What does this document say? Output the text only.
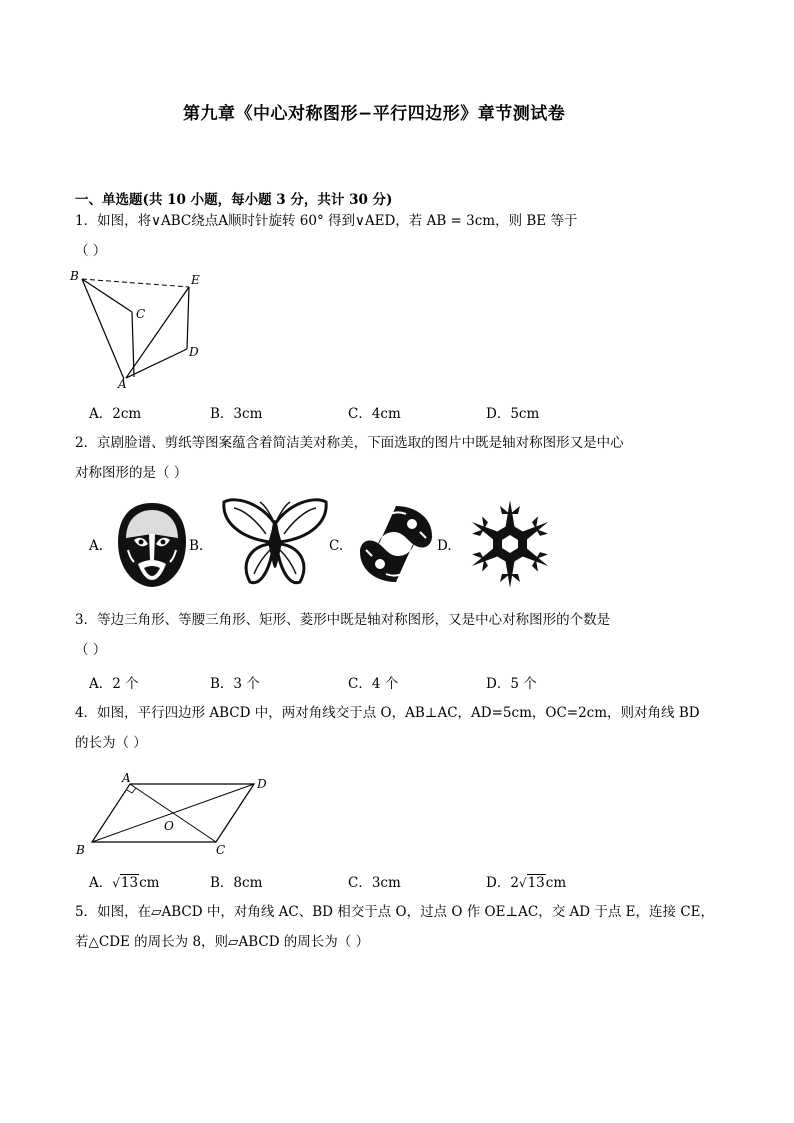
第九章《中心对称图形−平行四边形》章节测试卷
一、单选题(共 10 小题，每小题 3 分，共计 30 分)
1．如图，将∨ABC绕点A顺时针旋转 60° 得到∨AED，若 AB = 3cm，则 BE 等于
（ ）
B	E
C
D
A
A．2cm	B．3cm	C．4cm	D．5cm
2．京剧脸谱、剪纸等图案蕴含着简洁美对称美，下面选取的图片中既是轴对称图形又是中心
对称图形的是（ ）
A.	B.	C.	D.
3．等边三角形、等腰三角形、矩形、菱形中既是轴对称图形，又是中心对称图形的个数是
（ ）
A．2 个	B．3 个	C．4 个	D．5 个
4．如图，平行四边形 ABCD 中，两对角线交于点 O，AB⊥AC，AD=5cm，OC=2cm，则对角线 BD
的长为（ ）
A	D
O
B	C
A．√13cm	B．8cm	C．3cm	D．2√13cm
5．如图，在▱ABCD 中，对角线 AC、BD 相交于点 O，过点 O 作 OE⊥AC，交 AD 于点 E，连接 CE，
若△CDE 的周长为 8，则▱ABCD 的周长为（ ）
